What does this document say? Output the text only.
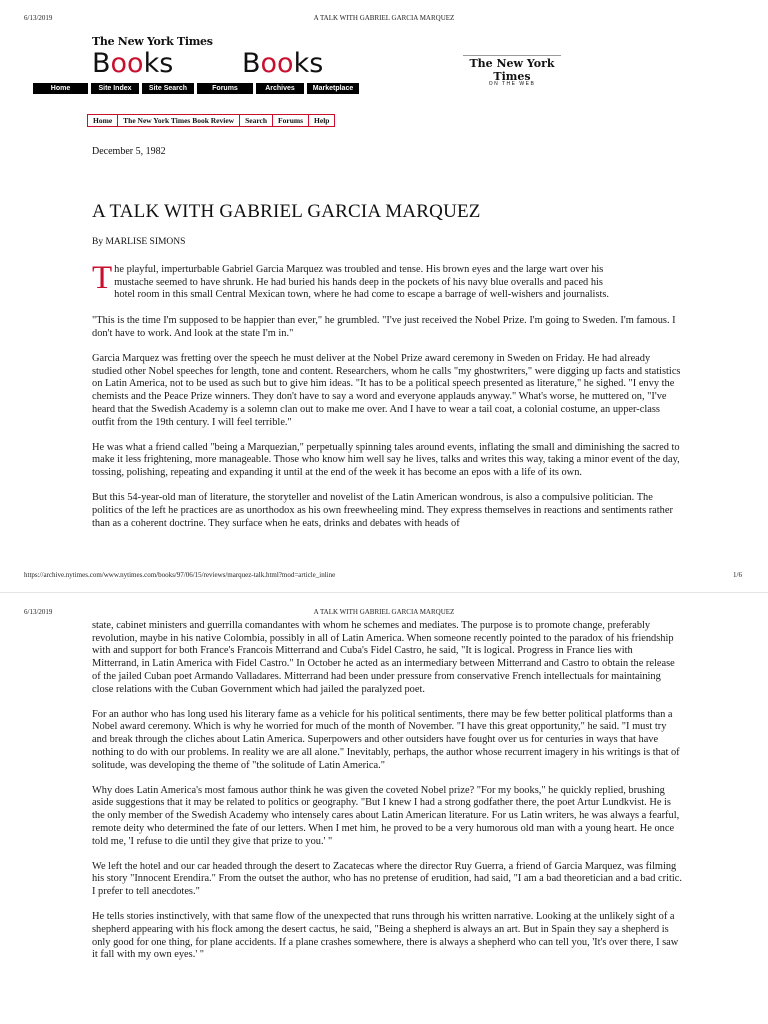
6/13/2019	A TALK WITH GABRIEL GARCIA MARQUEZ
The New York Times
Books	Books	The New York Times
ON THE WEB
Home	Site Index	Site Search	Forums	Archives	Marketplace
Home	The New York Times Book Review	Search	Forums	Help
December 5, 1982
A TALK WITH GABRIEL GARCIA MARQUEZ
By MARLISE SIMONS

T he playful, imperturbable Gabriel Garcia Marquez was troubled and tense. His brown eyes and the large wart over his
mustache seemed to have shrunk. He had buried his hands deep in the pockets of his navy blue overalls and paced his
hotel room in this small Central Mexican town, where he had come to escape a barrage of well-wishers and journalists.

"This is the time I'm supposed to be happier than ever," he grumbled. "I've just received the Nobel Prize. I'm going to Sweden. I'm famous. I don't have to work. And look at the state I'm in."

Garcia Marquez was fretting over the speech he must deliver at the Nobel Prize award ceremony in Sweden on Friday. He had already studied other Nobel speeches for length, tone and content. Researchers, whom he calls "my ghostwriters," were digging up facts and statistics on Latin America, not to be used as such but to give him ideas. "It has to be a political speech presented as literature," he sighed. "I envy the chemists and the Peace Prize winners. They don't have to say a word and everyone applauds anyway." What's worse, he muttered on, "I've heard that the Swedish Academy is a solemn clan out to make me over. And I have to wear a tail coat, a colonial costume, an upper-class outfit from the 19th century. I will feel terrible."

He was what a friend called "being a Marquezian," perpetually spinning tales around events, inflating the small and diminishing the sacred to make it less frightening, more manageable. Those who know him well say he lives, talks and writes this way, taking a minor event of the day, tossing, polishing, repeating and expanding it until at the end of the week it has become an epos with a life of its own.

But this 54-year-old man of literature, the storyteller and novelist of the Latin American wondrous, is also a compulsive politician. The politics of the left he practices are as unorthodox as his own freewheeling mind. They express themselves in reactions and sentiments rather than as a coherent doctrine. They surface when he eats, drinks and debates with heads of

https://archive.nytimes.com/www.nytimes.com/books/97/06/15/reviews/marquez-talk.html?mod=article_inline	1/6
6/13/2019	A TALK WITH GABRIEL GARCIA MARQUEZ

state, cabinet ministers and guerrilla comandantes with whom he schemes and mediates. The purpose is to promote change, preferably revolution, maybe in his native Colombia, possibly in all of Latin America. When someone recently pointed to the paradox of his friendship with and support for both France's Francois Mitterrand and Cuba's Fidel Castro, he said, "It is logical. Progress in France lies with Mitterrand, in Latin America with Fidel Castro." In October he acted as an intermediary between Mitterrand and Castro to obtain the release of the jailed Cuban poet Armando Valladares. Mitterrand had been under pressure from conservative French intellectuals for maintaining close relations with the Cuban Government which had jailed the paralyzed poet.

For an author who has long used his literary fame as a vehicle for his political sentiments, there may be few better political platforms than a Nobel award ceremony. Which is why he worried for much of the month of November. "I have this great opportunity," he said. "I must try and break through the cliches about Latin America. Superpowers and other outsiders have fought over us for centuries in ways that have nothing to do with our problems. In reality we are all alone." Inevitably, perhaps, the author whose recurrent imagery in his writings is that of solitude, was developing the theme of "the solitude of Latin America."

Why does Latin America's most famous author think he was given the coveted Nobel prize? "For my books," he quickly replied, brushing aside suggestions that it may be related to politics or geography. "But I knew I had a strong godfather there, the poet Artur Lundkvist. He is the only member of the Swedish Academy who intensely cares about Latin American literature. For us Latin writers, he was always a fearful, remote deity who determined the fate of our letters. When I met him, he proved to be a very humorous old man with a young heart. He once told me, 'I refuse to die until they give that prize to you.' "

We left the hotel and our car headed through the desert to Zacatecas where the director Ruy Guerra, a friend of Garcia Marquez, was filming his story "Innocent Erendira." From the outset the author, who has no pretense of erudition, had said, "I am a bad theoretician and a bad critic. I prefer to tell anecdotes."

He tells stories instinctively, with that same flow of the unexpected that runs through his written narrative. Looking at the unlikely sight of a shepherd appearing with his flock among the desert cactus, he said, "Being a shepherd is always an art. But in Spain they say a shepherd is only good for one thing, for plane accidents. If a plane crashes somewhere, there is always a shepherd who can tell you, 'It's over there, I saw it fall with my own eyes.' "
